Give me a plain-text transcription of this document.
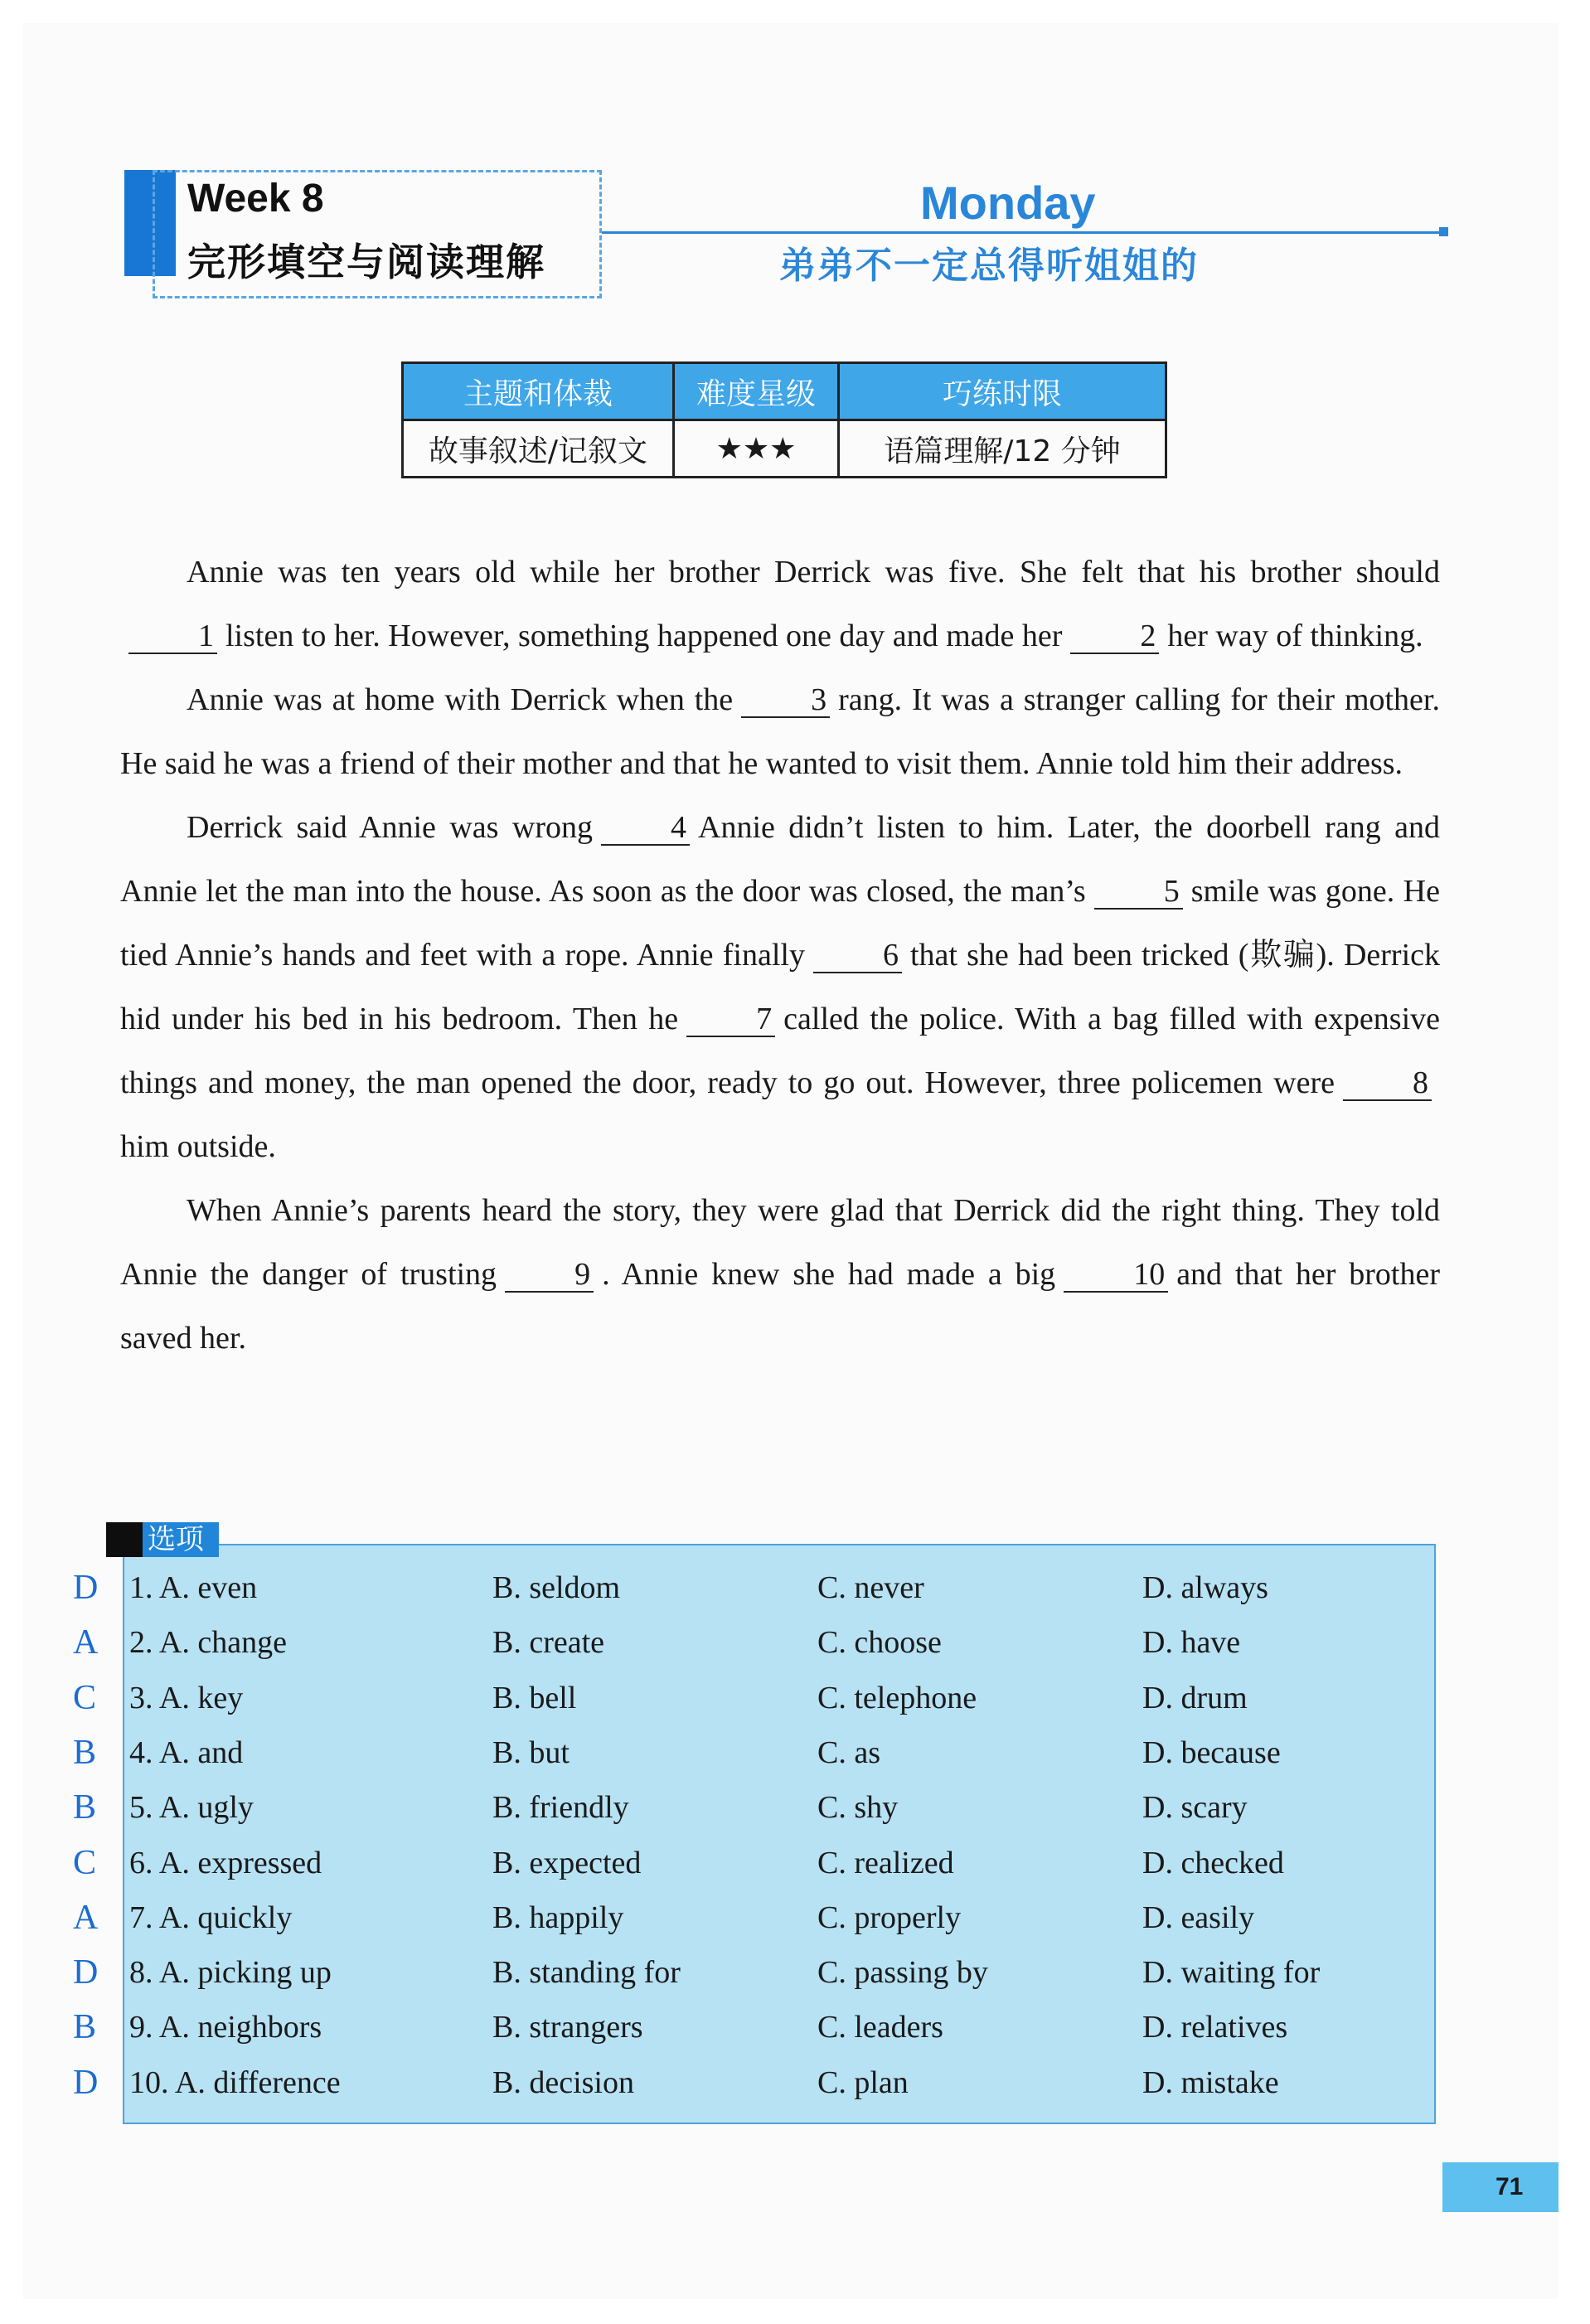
Week 8
完形填空与阅读理解
Monday
弟弟不一定总得听姐姐的
主题和体裁	难度星级	巧练时限
故事叙述/记叙文	★★★	语篇理解/12 分钟

Annie was ten years old while her brother Derrick was five. She felt that his brother should1 listen to her. However, something happened one day and made her 2 her way of thinking.

Annie was at home with Derrick when the 3 rang. It was a stranger calling for their mother. He said he was a friend of their mother and that he wanted to visit them. Annie told him their address.

Derrick said Annie was wrong 4 Annie didn’t listen to him. Later, the doorbell rang and Annie let the man into the house. As soon as the door was closed, the man’s 5 smile was gone. He tied Annie’s hands and feet with a rope. Annie finally 6 that she had been tricked (欺骗). Derrick hid under his bed in his bedroom. Then he 7 called the police. With a bag filled with expensive things and money, the man opened the door, ready to go out. However, three policemen were 8him outside.

When Annie’s parents heard the story, they were glad that Derrick did the right thing. They told Annie the danger of trusting 9 . Annie knew she had made a big 10 and that her brother saved her.

选项
D 1. A. even	B. seldom	C. never	D. always
A 2. A. change	B. create	C. choose	D. have
C 3. A. key	B. bell	C. telephone	D. drum
B 4. A. and	B. but	C. as	D. because
B 5. A. ugly	B. friendly	C. shy	D. scary
C 6. A. expressed	B. expected	C. realized	D. checked
A 7. A. quickly	B. happily	C. properly	D. easily
D 8. A. picking up	B. standing for	C. passing by	D. waiting for
B 9. A. neighbors	B. strangers	C. leaders	D. relatives
D 10. A. difference	B. decision	C. plan	D. mistake
71
